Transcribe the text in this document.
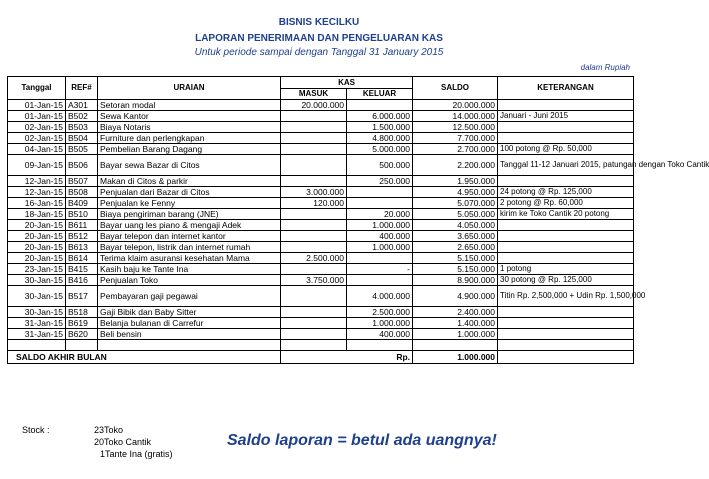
BISNIS KECILKU
LAPORAN PENERIMAAN DAN PENGELUARAN KAS
Untuk periode sampai dengan Tanggal 31 January 2015
dalam Rupiah
Tanggal	REF#	URAIAN	KAS		SALDO	KETERANGAN
			MASUK	KELUAR		
01-Jan-15	A301	Setoran modal	20.000.000		20.000.000	
01-Jan-15	B502	Sewa Kantor		6.000.000	14.000.000	Januari - Juni 2015
02-Jan-15	B503	Biaya Notaris		1.500.000	12.500.000	
02-Jan-15	B504	Furniture dan perlengkapan		4.800.000	7.700.000	
04-Jan-15	B505	Pembelian Barang Dagang		5.000.000	2.700.000	100 potong @ Rp. 50,000
09-Jan-15	B506	Bayar sewa Bazar di Citos		500.000	2.200.000	Tanggal 11-12 Januari 2015, patungan dengan Toko Cantik
12-Jan-15	B507	Makan di Citos & parkir		250.000	1.950.000	
12-Jan-15	B508	Penjualan dari Bazar di Citos	3.000.000		4.950.000	24 potong @ Rp. 125,000
16-Jan-15	B409	Penjualan ke Fenny	120.000		5.070.000	2 potong @ Rp. 60,000
18-Jan-15	B510	Biaya pengiriman barang (JNE)		20.000	5.050.000	kirim ke Toko Cantik 20 potong
20-Jan-15	B611	Bayar uang les piano & mengaji Adek		1.000.000	4.050.000	
20-Jan-15	B512	Bayar telepon dan internet kantor		400.000	3.650.000	
20-Jan-15	B613	Bayar telepon, listrik dan internet rumah		1.000.000	2.650.000	
20-Jan-15	B614	Terima klaim asuransi kesehatan Mama	2.500.000		5.150.000	
23-Jan-15	B415	Kasih baju ke Tante Ina		-	5.150.000	1 potong
30-Jan-15	B416	Penjualan Toko	3.750.000		8.900.000	30 potong @ Rp. 125,000
30-Jan-15	B517	Pembayaran gaji pegawai		4.000.000	4.900.000	Titin Rp. 2,500,000 + Udin Rp. 1,500,000
30-Jan-15	B518	Gaji Bibik dan Baby Sitter		2.500.000	2.400.000	
31-Jan-15	B619	Belanja bulanan di Carrefur		1.000.000	1.400.000	
31-Jan-15	B620	Beli bensin		400.000	1.000.000	

SALDO AKHIR BULAN			Rp.		1.000.000	
Stock :	23Toko
20Toko Cantik
1Tante Ina (gratis)
Saldo laporan = betul ada uangnya!
